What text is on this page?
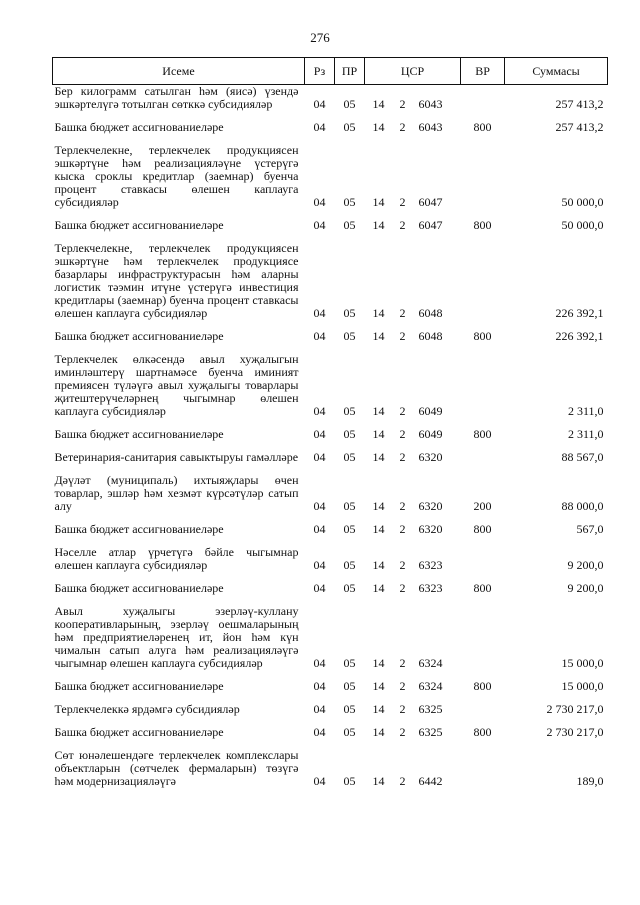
276
Исеме	Рз	ПР	ЦСР			ВР	Суммасы
Бер килограмм сатылган һәм (яисә) үзендә эшкәртелүгә тотылган сөтккә субсидияләр	04	05	14	2	6043		257 413,2
Башка бюджет ассигнованиеләре	04	05	14	2	6043	800	257 413,2
Терлекчелекне, терлекчелек продукциясен эшкәртүне һәм реализацияләүне үстерүгә кыска сроклы кредитлар (заемнар) буенча процент ставкасы өлешен каплауга субсидияләр	04	05	14	2	6047		50 000,0
Башка бюджет ассигнованиеләре	04	05	14	2	6047	800	50 000,0
Терлекчелекне, терлекчелек продукциясен эшкәртүне һәм терлекчелек продукциясе базарлары инфраструктурасын һәм аларны логистик тәэмин итүне үстерүгә инвестиция кредитлары (заемнар) буенча процент ставкасы өлешен каплауга субсидияләр	04	05	14	2	6048		226 392,1
Башка бюджет ассигнованиеләре	04	05	14	2	6048	800	226 392,1
Терлекчелек өлкәсендә авыл хуҗалыгын иминләштерү шартнамәсе буенча иминият премиясен түләүгә авыл хуҗалыгы товарлары җитештерүчеләрнең чыгымнар өлешен каплауга субсидияләр	04	05	14	2	6049		2 311,0
Башка бюджет ассигнованиеләре	04	05	14	2	6049	800	2 311,0
Ветеринария-санитария савыктыруы гамәлләре	04	05	14	2	6320		88 567,0
Дәүләт (муниципаль) ихтыяҗлары өчен товарлар, эшләр һәм хезмәт күрсәтүләр сатып алу	04	05	14	2	6320	200	88 000,0
Башка бюджет ассигнованиеләре	04	05	14	2	6320	800	567,0
Нәселле атлар үрчетүгә бәйле чыгымнар өлешен каплауга субсидияләр	04	05	14	2	6323		9 200,0
Башка бюджет ассигнованиеләре	04	05	14	2	6323	800	9 200,0
Авыл хуҗалыгы эзерләү-куллану кооперативларының, эзерләү оешмаларының һәм предприятиеләренең ит, йон һәм күн чималын сатып алуга һәм реализацияләүгә чыгымнар өлешен каплауга субсидияләр	04	05	14	2	6324		15 000,0
Башка бюджет ассигнованиеләре	04	05	14	2	6324	800	15 000,0
Терлекчелеккә ярдәмгә субсидияләр	04	05	14	2	6325		2 730 217,0
Башка бюджет ассигнованиеләре	04	05	14	2	6325	800	2 730 217,0
Сөт юнәлешендәге терлекчелек комплекслары объектларын (сөтчелек фермаларын) төзүгә һәм модернизацияләүгә	04	05	14	2	6442		189,0
